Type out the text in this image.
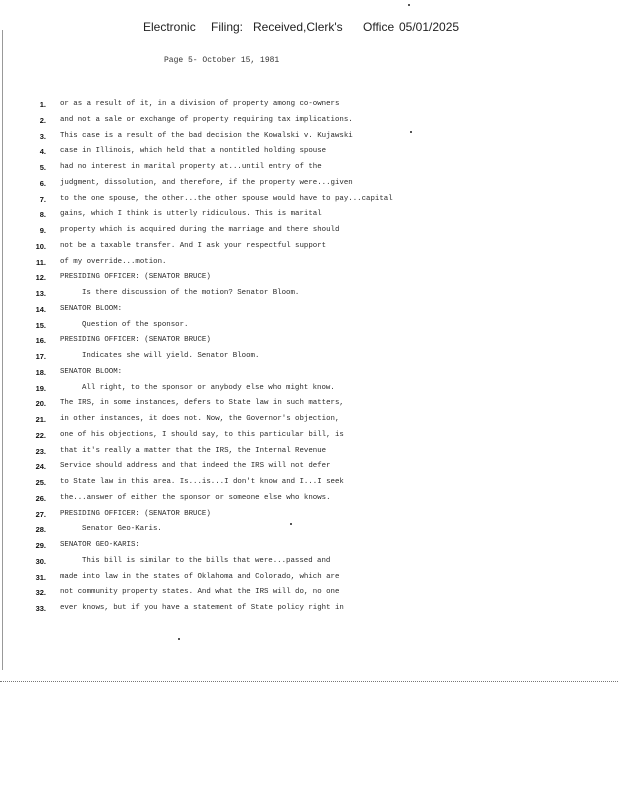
Electronic Filing: Received,Clerk's Office 05/01/2025
Page 5- October 15, 1981
1. or as a result of it, in a division of property among co-owners
2. and not a sale or exchange of property requiring tax implications.
3. This case is a result of the bad decision the Kowalski v. Kujawski
4. case in Illinois, which held that a nontitled holding spouse
5. had no interest in marital property at...until entry of the
6. judgment, dissolution, and therefore, if the property were...given
7. to the one spouse, the other...the other spouse would have to pay...capital
8. gains, which I think is utterly ridiculous. This is marital
9. property which is acquired during the marriage and there should
10. not be a taxable transfer. And I ask your respectful support
11. of my override...motion.
12. PRESIDING OFFICER: (SENATOR BRUCE)
13.	Is there discussion of the motion? Senator Bloom.
14. SENATOR BLOOM:
15.	Question of the sponsor.
16. PRESIDING OFFICER: (SENATOR BRUCE)
17.	Indicates she will yield. Senator Bloom.
18. SENATOR BLOOM:
19.	All right, to the sponsor or anybody else who might know.
20. The IRS, in some instances, defers to State law in such matters,
21. in other instances, it does not. Now, the Governor's objection,
22. one of his objections, I should say, to this particular bill, is
23. that it's really a matter that the IRS, the Internal Revenue
24. Service should address and that indeed the IRS will not defer
25. to State law in this area. Is...is...I don't know and I...I seek
26. the...answer of either the sponsor or someone else who knows.
27. PRESIDING OFFICER: (SENATOR BRUCE)
28.	Senator Geo-Karis.
29. SENATOR GEO-KARIS:
30.	This bill is similar to the bills that were...passed and
31. made into law in the states of Oklahoma and Colorado, which are
32. not community property states. And what the IRS will do, no one
33. ever knows, but if you have a statement of State policy right in
